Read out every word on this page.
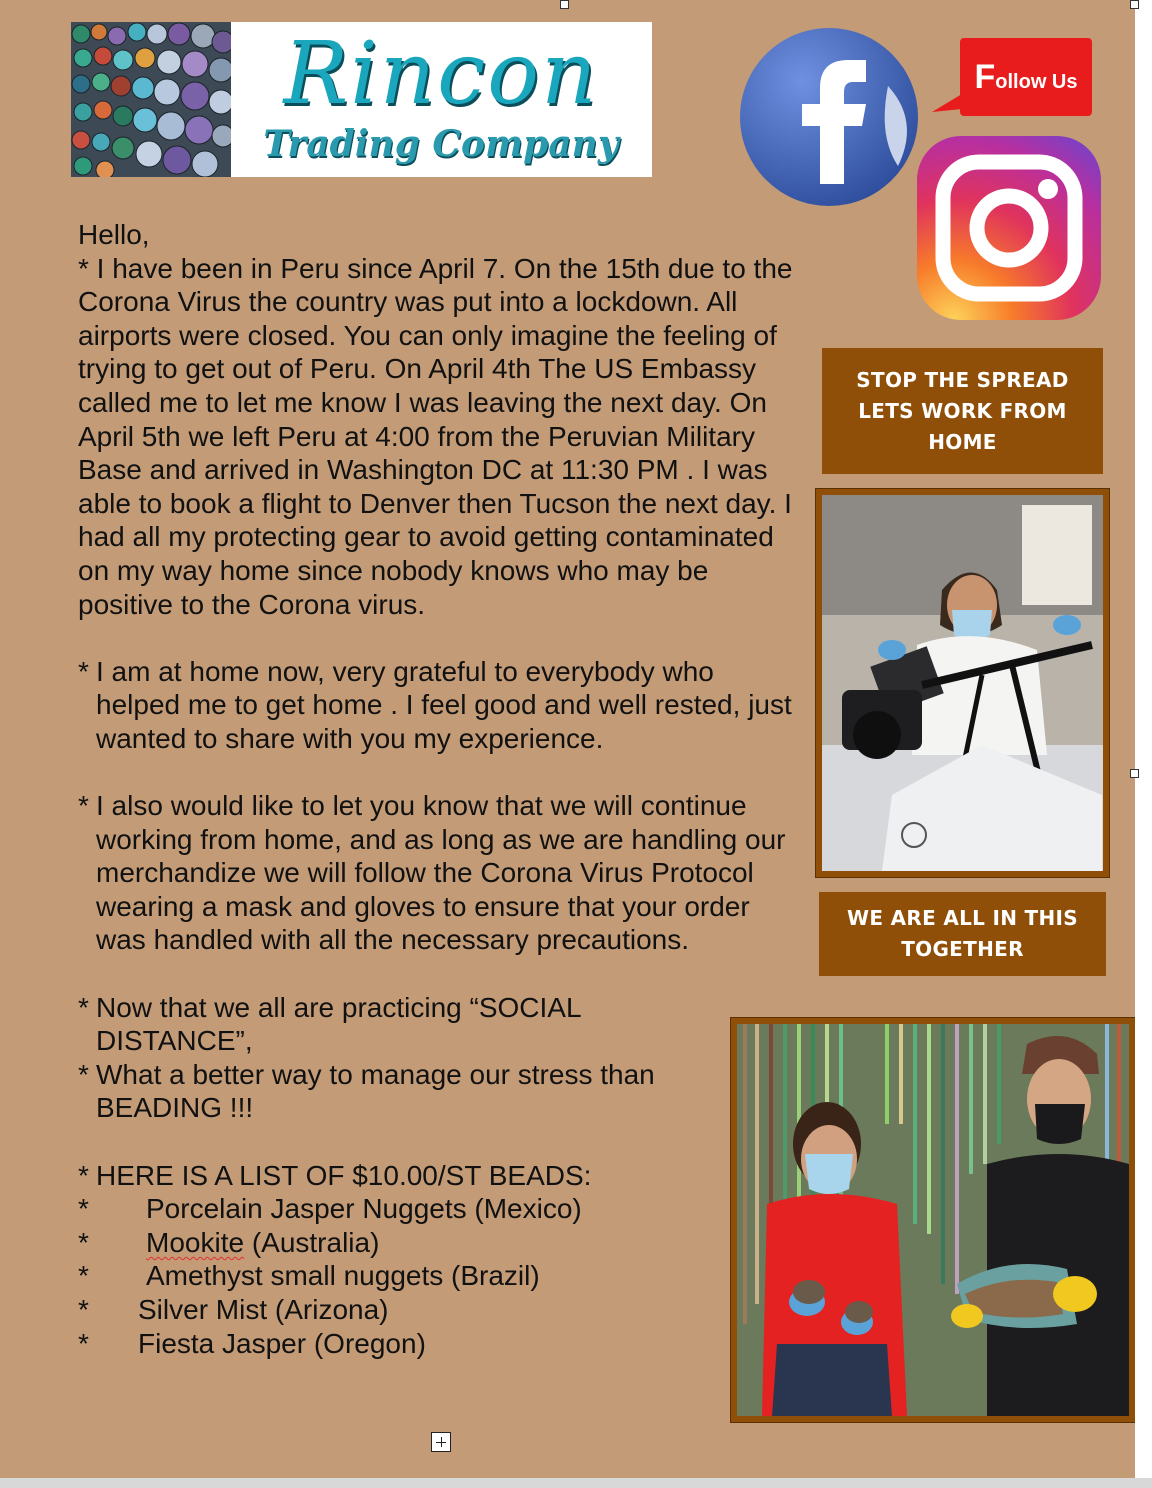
Rincon
Trading Company
Follow Us
STOP THE SPREAD
LETS WORK FROM HOME
WE ARE ALL IN THIS
TOGETHER

Hello,

* I have been in Peru since April 7. On the 15th due to the Corona Virus the country was put into a lockdown. All airports were closed. You can only imagine the feeling of trying to get out of Peru. On April 4th The US Embassy called me to let me know I was leaving the next day. On April 5th we left Peru at 4:00 from the Peruvian Military Base and arrived in Washington DC at 11:30 PM . I was able to book a flight to Denver then Tucson the next day. I had all my protecting gear to avoid getting contaminated on my way home since nobody knows who may be positive to the Corona virus.

* I am at home now, very grateful to everybody who helped me to get home . I feel good and well rested, just wanted to share with you my experience.
* I also would like to let you know that we will continue working from home, and as long as we are handling our merchandize we will follow the Corona Virus Protocol wearing a mask and gloves to ensure that your order was handled with all the necessary precautions.
* Now that we all are practicing “SOCIAL DISTANCE”,
* What a better way to manage our stress than BEADING !!!
* HERE IS A LIST OF $10.00/ST BEADS:
*	Porcelain Jasper Nuggets (Mexico)
*	Mookite (Australia)
*	Amethyst small nuggets (Brazil)
*	Silver Mist (Arizona)
*	Fiesta Jasper (Oregon)
